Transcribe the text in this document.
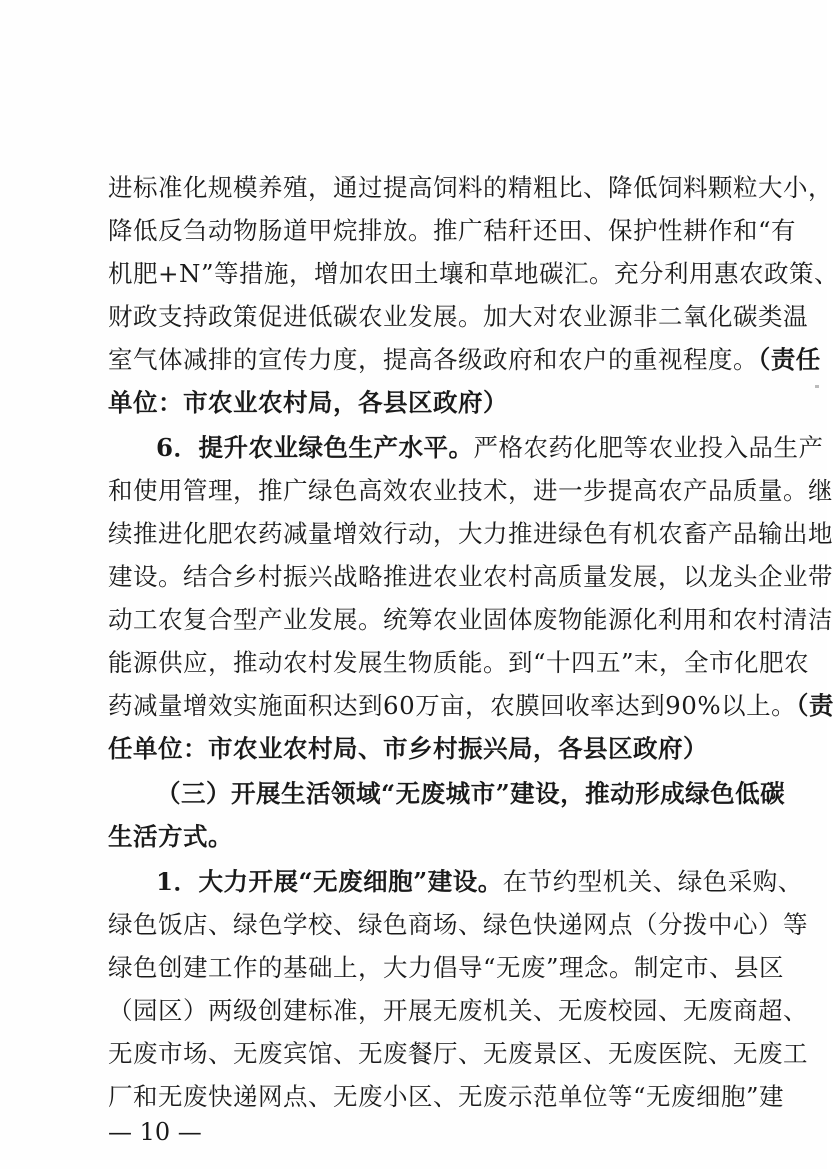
进标准化规模养殖，通过提高饲料的精粗比、降低饲料颗粒大小，
降低反刍动物肠道甲烷排放。推广秸秆还田、保护性耕作和“有
机肥+N”等措施，增加农田土壤和草地碳汇。充分利用惠农政策、
财政支持政策促进低碳农业发展。加大对农业源非二氧化碳类温
室气体减排的宣传力度，提高各级政府和农户的重视程度。（责任
单位：市农业农村局，各县区政府）
6．提升农业绿色生产水平。严格农药化肥等农业投入品生产
和使用管理，推广绿色高效农业技术，进一步提高农产品质量。继
续推进化肥农药减量增效行动，大力推进绿色有机农畜产品输出地
建设。结合乡村振兴战略推进农业农村高质量发展，以龙头企业带
动工农复合型产业发展。统筹农业固体废物能源化利用和农村清洁
能源供应，推动农村发展生物质能。到“十四五”末，全市化肥农
药减量增效实施面积达到60万亩，农膜回收率达到90%以上。（责
任单位：市农业农村局、市乡村振兴局，各县区政府）
（三）开展生活领域“无废城市”建设，推动形成绿色低碳
生活方式。
1．大力开展“无废细胞”建设。在节约型机关、绿色采购、
— 10 —
绿色饭店、绿色学校、绿色商场、绿色快递网点（分拨中心）等
绿色创建工作的基础上，大力倡导“无废”理念。制定市、县区
（园区）两级创建标准，开展无废机关、无废校园、无废商超、
无废市场、无废宾馆、无废餐厅、无废景区、无废医院、无废工
厂和无废快递网点、无废小区、无废示范单位等“无废细胞”建
